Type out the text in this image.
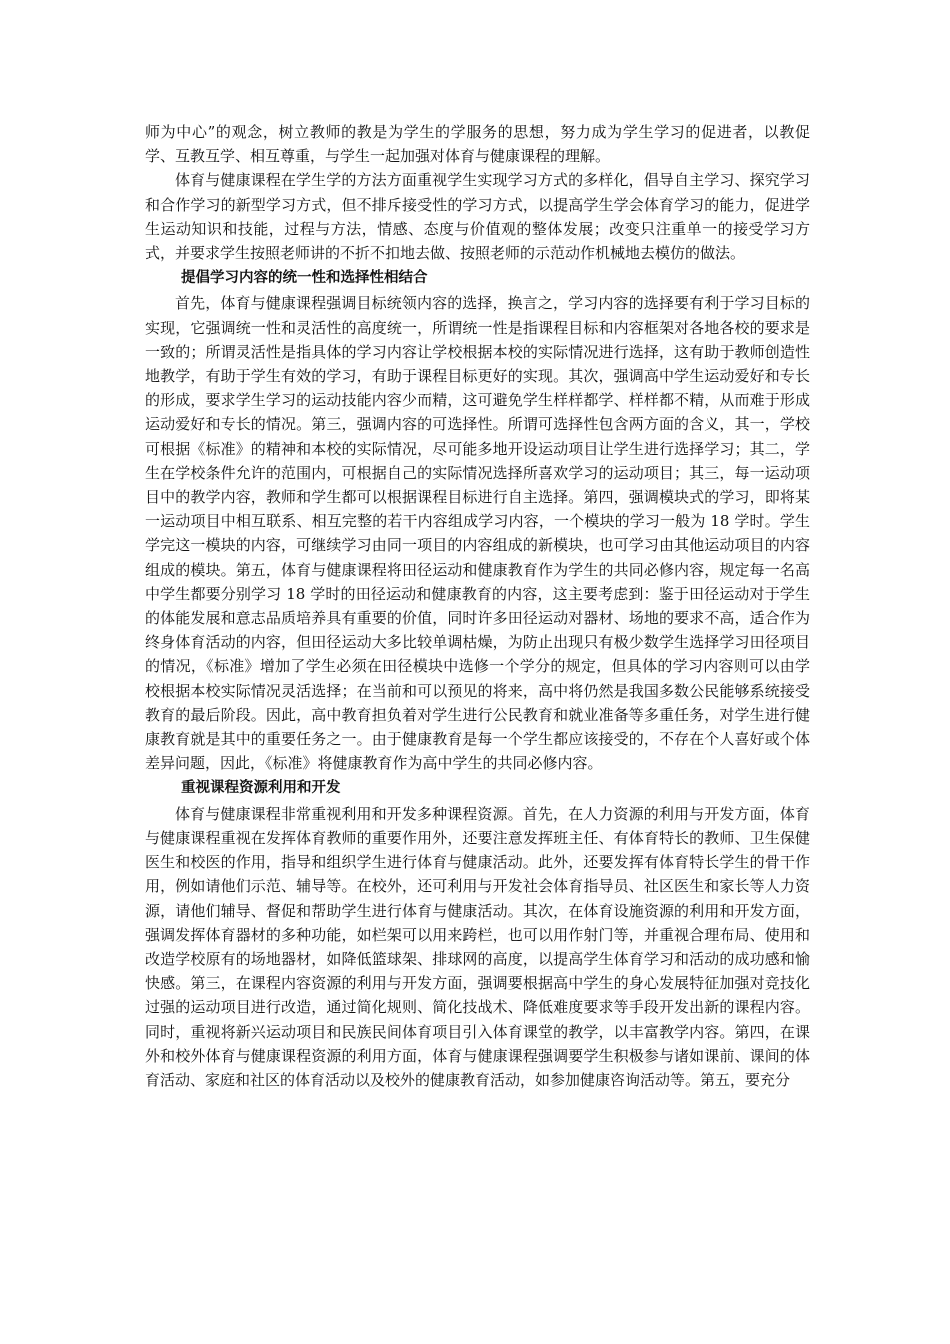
师为中心”的观念，树立教师的教是为学生的学服务的思想，努力成为学生学习的促进者，以教促学、互教互学、相互尊重，与学生一起加强对体育与健康课程的理解。

体育与健康课程在学生学的方法方面重视学生实现学习方式的多样化，倡导自主学习、探究学习和合作学习的新型学习方式，但不排斥接受性的学习方式，以提高学生学会体育学习的能力，促进学生运动知识和技能，过程与方法，情感、态度与价值观的整体发展；改变只注重单一的接受学习方式，并要求学生按照老师讲的不折不扣地去做、按照老师的示范动作机械地去模仿的做法。

提倡学习内容的统一性和选择性相结合

首先，体育与健康课程强调目标统领内容的选择，换言之，学习内容的选择要有利于学习目标的实现，它强调统一性和灵活性的高度统一，所谓统一性是指课程目标和内容框架对各地各校的要求是一致的；所谓灵活性是指具体的学习内容让学校根据本校的实际情况进行选择，这有助于教师创造性地教学，有助于学生有效的学习，有助于课程目标更好的实现。其次，强调高中学生运动爱好和专长的形成，要求学生学习的运动技能内容少而精，这可避免学生样样都学、样样都不精，从而难于形成运动爱好和专长的情况。第三，强调内容的可选择性。所谓可选择性包含两方面的含义，其一，学校可根据《标准》的精神和本校的实际情况，尽可能多地开设运动项目让学生进行选择学习；其二，学生在学校条件允许的范围内，可根据自己的实际情况选择所喜欢学习的运动项目；其三，每一运动项目中的教学内容，教师和学生都可以根据课程目标进行自主选择。第四，强调模块式的学习，即将某一运动项目中相互联系、相互完整的若干内容组成学习内容，一个模块的学习一般为 18 学时。学生学完这一模块的内容，可继续学习由同一项目的内容组成的新模块，也可学习由其他运动项目的内容组成的模块。第五，体育与健康课程将田径运动和健康教育作为学生的共同必修内容，规定每一名高中学生都要分别学习 18 学时的田径运动和健康教育的内容，这主要考虑到：鉴于田径运动对于学生的体能发展和意志品质培养具有重要的价值，同时许多田径运动对器材、场地的要求不高，适合作为终身体育活动的内容，但田径运动大多比较单调枯燥，为防止出现只有极少数学生选择学习田径项目的情况，《标准》增加了学生必须在田径模块中选修一个学分的规定，但具体的学习内容则可以由学校根据本校实际情况灵活选择；在当前和可以预见的将来，高中将仍然是我国多数公民能够系统接受教育的最后阶段。因此，高中教育担负着对学生进行公民教育和就业准备等多重任务，对学生进行健康教育就是其中的重要任务之一。由于健康教育是每一个学生都应该接受的，不存在个人喜好或个体差异问题，因此，《标准》将健康教育作为高中学生的共同必修内容。

重视课程资源利用和开发

体育与健康课程非常重视利用和开发多种课程资源。首先，在人力资源的利用与开发方面，体育与健康课程重视在发挥体育教师的重要作用外，还要注意发挥班主任、有体育特长的教师、卫生保健医生和校医的作用，指导和组织学生进行体育与健康活动。此外，还要发挥有体育特长学生的骨干作用，例如请他们示范、辅导等。在校外，还可利用与开发社会体育指导员、社区医生和家长等人力资源，请他们辅导、督促和帮助学生进行体育与健康活动。其次，在体育设施资源的利用和开发方面，强调发挥体育器材的多种功能，如栏架可以用来跨栏，也可以用作射门等，并重视合理布局、使用和改造学校原有的场地器材，如降低篮球架、排球网的高度，以提高学生体育学习和活动的成功感和愉快感。第三，在课程内容资源的利用与开发方面，强调要根据高中学生的身心发展特征加强对竞技化过强的运动项目进行改造，通过简化规则、简化技战术、降低难度要求等手段开发出新的课程内容。同时，重视将新兴运动项目和民族民间体育项目引入体育课堂的教学，以丰富教学内容。第四，在课外和校外体育与健康课程资源的利用方面，体育与健康课程强调要学生积极参与诸如课前、课间的体育活动、家庭和社区的体育活动以及校外的健康教育活动，如参加健康咨询活动等。第五，要充分
